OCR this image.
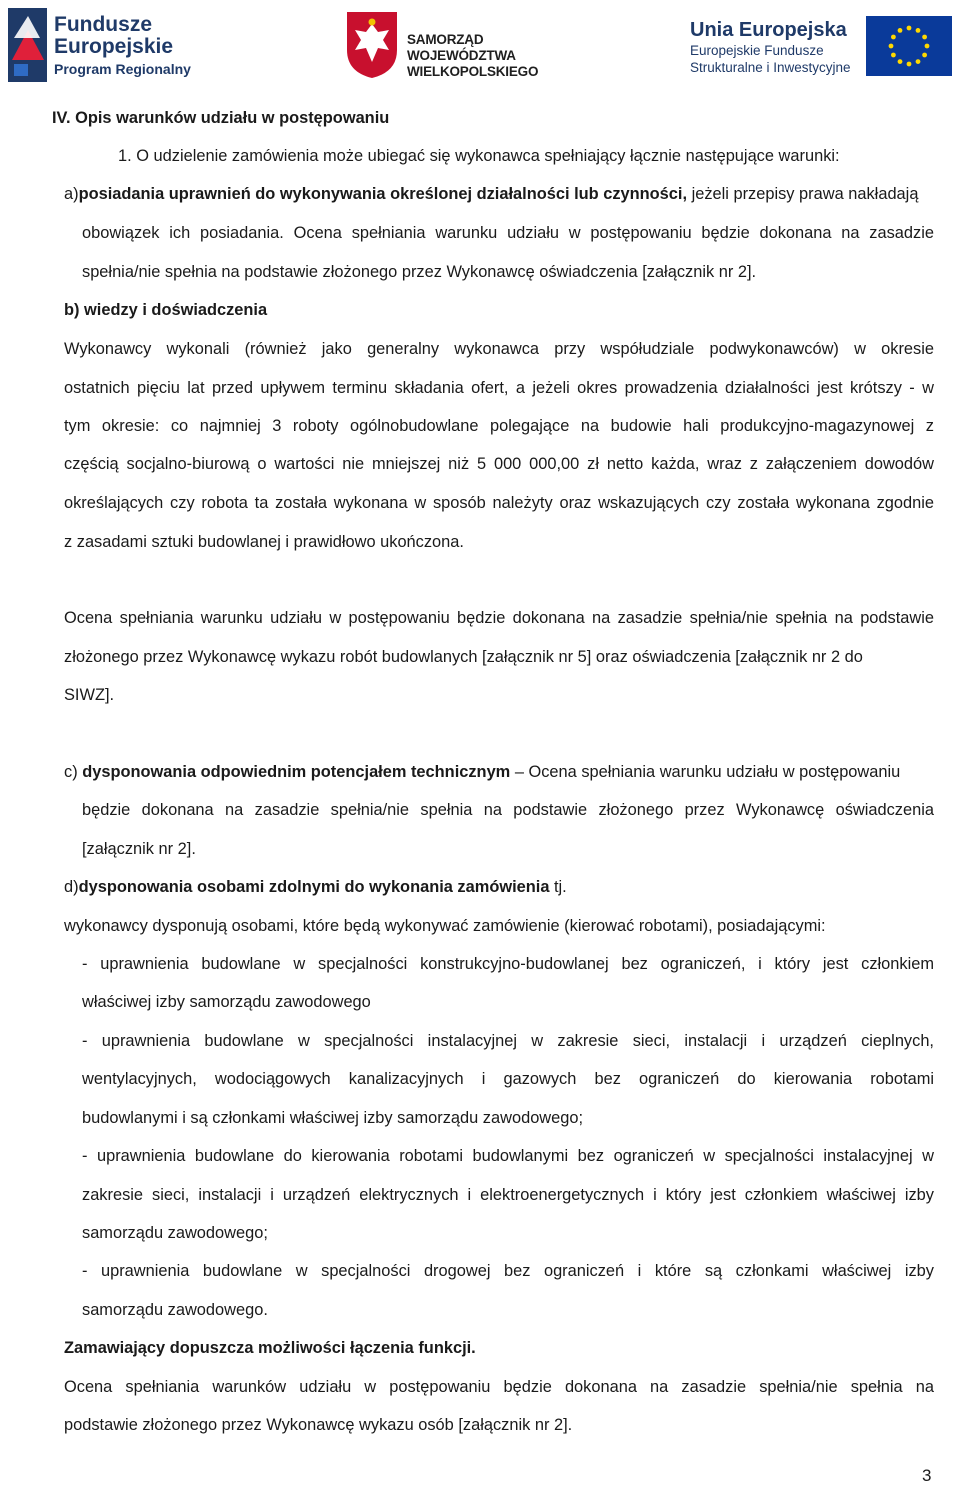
Fundusze
Europejskie
Program Regionalny
SAMORZĄD WOJEWÓDZTWA
WIELKOPOLSKIEGO
Unia Europejska
Europejskie Fundusze
Strukturalne i Inwestycyjne
IV. Opis warunków udziału w postępowaniu
1. O udzielenie zamówienia może ubiegać się wykonawca spełniający łącznie następujące warunki:
a)posiadania uprawnień do wykonywania określonej działalności lub czynności, jeżeli przepisy prawa nakładają
obowiązek ich posiadania. Ocena spełniania warunku udziału w postępowaniu będzie dokonana na zasadzie
spełnia/nie spełnia na podstawie złożonego przez Wykonawcę oświadczenia [załącznik nr 2].
b) wiedzy i doświadczenia
Wykonawcy wykonali (również jako generalny wykonawca przy współudziale podwykonawców) w okresie
ostatnich pięciu lat przed upływem terminu składania ofert, a jeżeli okres prowadzenia działalności jest krótszy - w
tym okresie: co najmniej 3 roboty ogólnobudowlane polegające na budowie hali produkcyjno-magazynowej z
częścią socjalno-biurową o wartości nie mniejszej niż 5 000 000,00 zł netto każda, wraz z załączeniem dowodów
określających czy robota ta została wykonana w sposób należyty oraz wskazujących czy została wykonana zgodnie
z zasadami sztuki budowlanej i prawidłowo ukończona.
Ocena spełniania warunku udziału w postępowaniu będzie dokonana na zasadzie spełnia/nie spełnia na podstawie
złożonego przez Wykonawcę wykazu robót budowlanych [załącznik nr 5] oraz oświadczenia [załącznik nr 2 do
SIWZ].
c) dysponowania odpowiednim potencjałem technicznym – Ocena spełniania warunku udziału w postępowaniu
będzie dokonana na zasadzie spełnia/nie spełnia na podstawie złożonego przez Wykonawcę oświadczenia
[załącznik nr 2].
d)dysponowania osobami zdolnymi do wykonania zamówienia tj.
wykonawcy dysponują osobami, które będą wykonywać zamówienie (kierować robotami), posiadającymi:
- uprawnienia budowlane w specjalności konstrukcyjno-budowlanej bez ograniczeń, i który jest członkiem
właściwej izby samorządu zawodowego
- uprawnienia budowlane w specjalności instalacyjnej w zakresie sieci, instalacji i urządzeń cieplnych,
wentylacyjnych, wodociągowych kanalizacyjnych i gazowych bez ograniczeń do kierowania robotami
budowlanymi i są członkami właściwej izby samorządu zawodowego;
- uprawnienia budowlane do kierowania robotami budowlanymi bez ograniczeń w specjalności instalacyjnej w
zakresie sieci, instalacji i urządzeń elektrycznych i elektroenergetycznych i który jest członkiem właściwej izby
samorządu zawodowego;
- uprawnienia budowlane w specjalności drogowej bez ograniczeń i które są członkami właściwej izby
samorządu zawodowego.
Zamawiający dopuszcza możliwości łączenia funkcji.
Ocena spełniania warunków udziału w postępowaniu będzie dokonana na zasadzie spełnia/nie spełnia na
podstawie złożonego przez Wykonawcę wykazu osób [załącznik nr 2].
3
